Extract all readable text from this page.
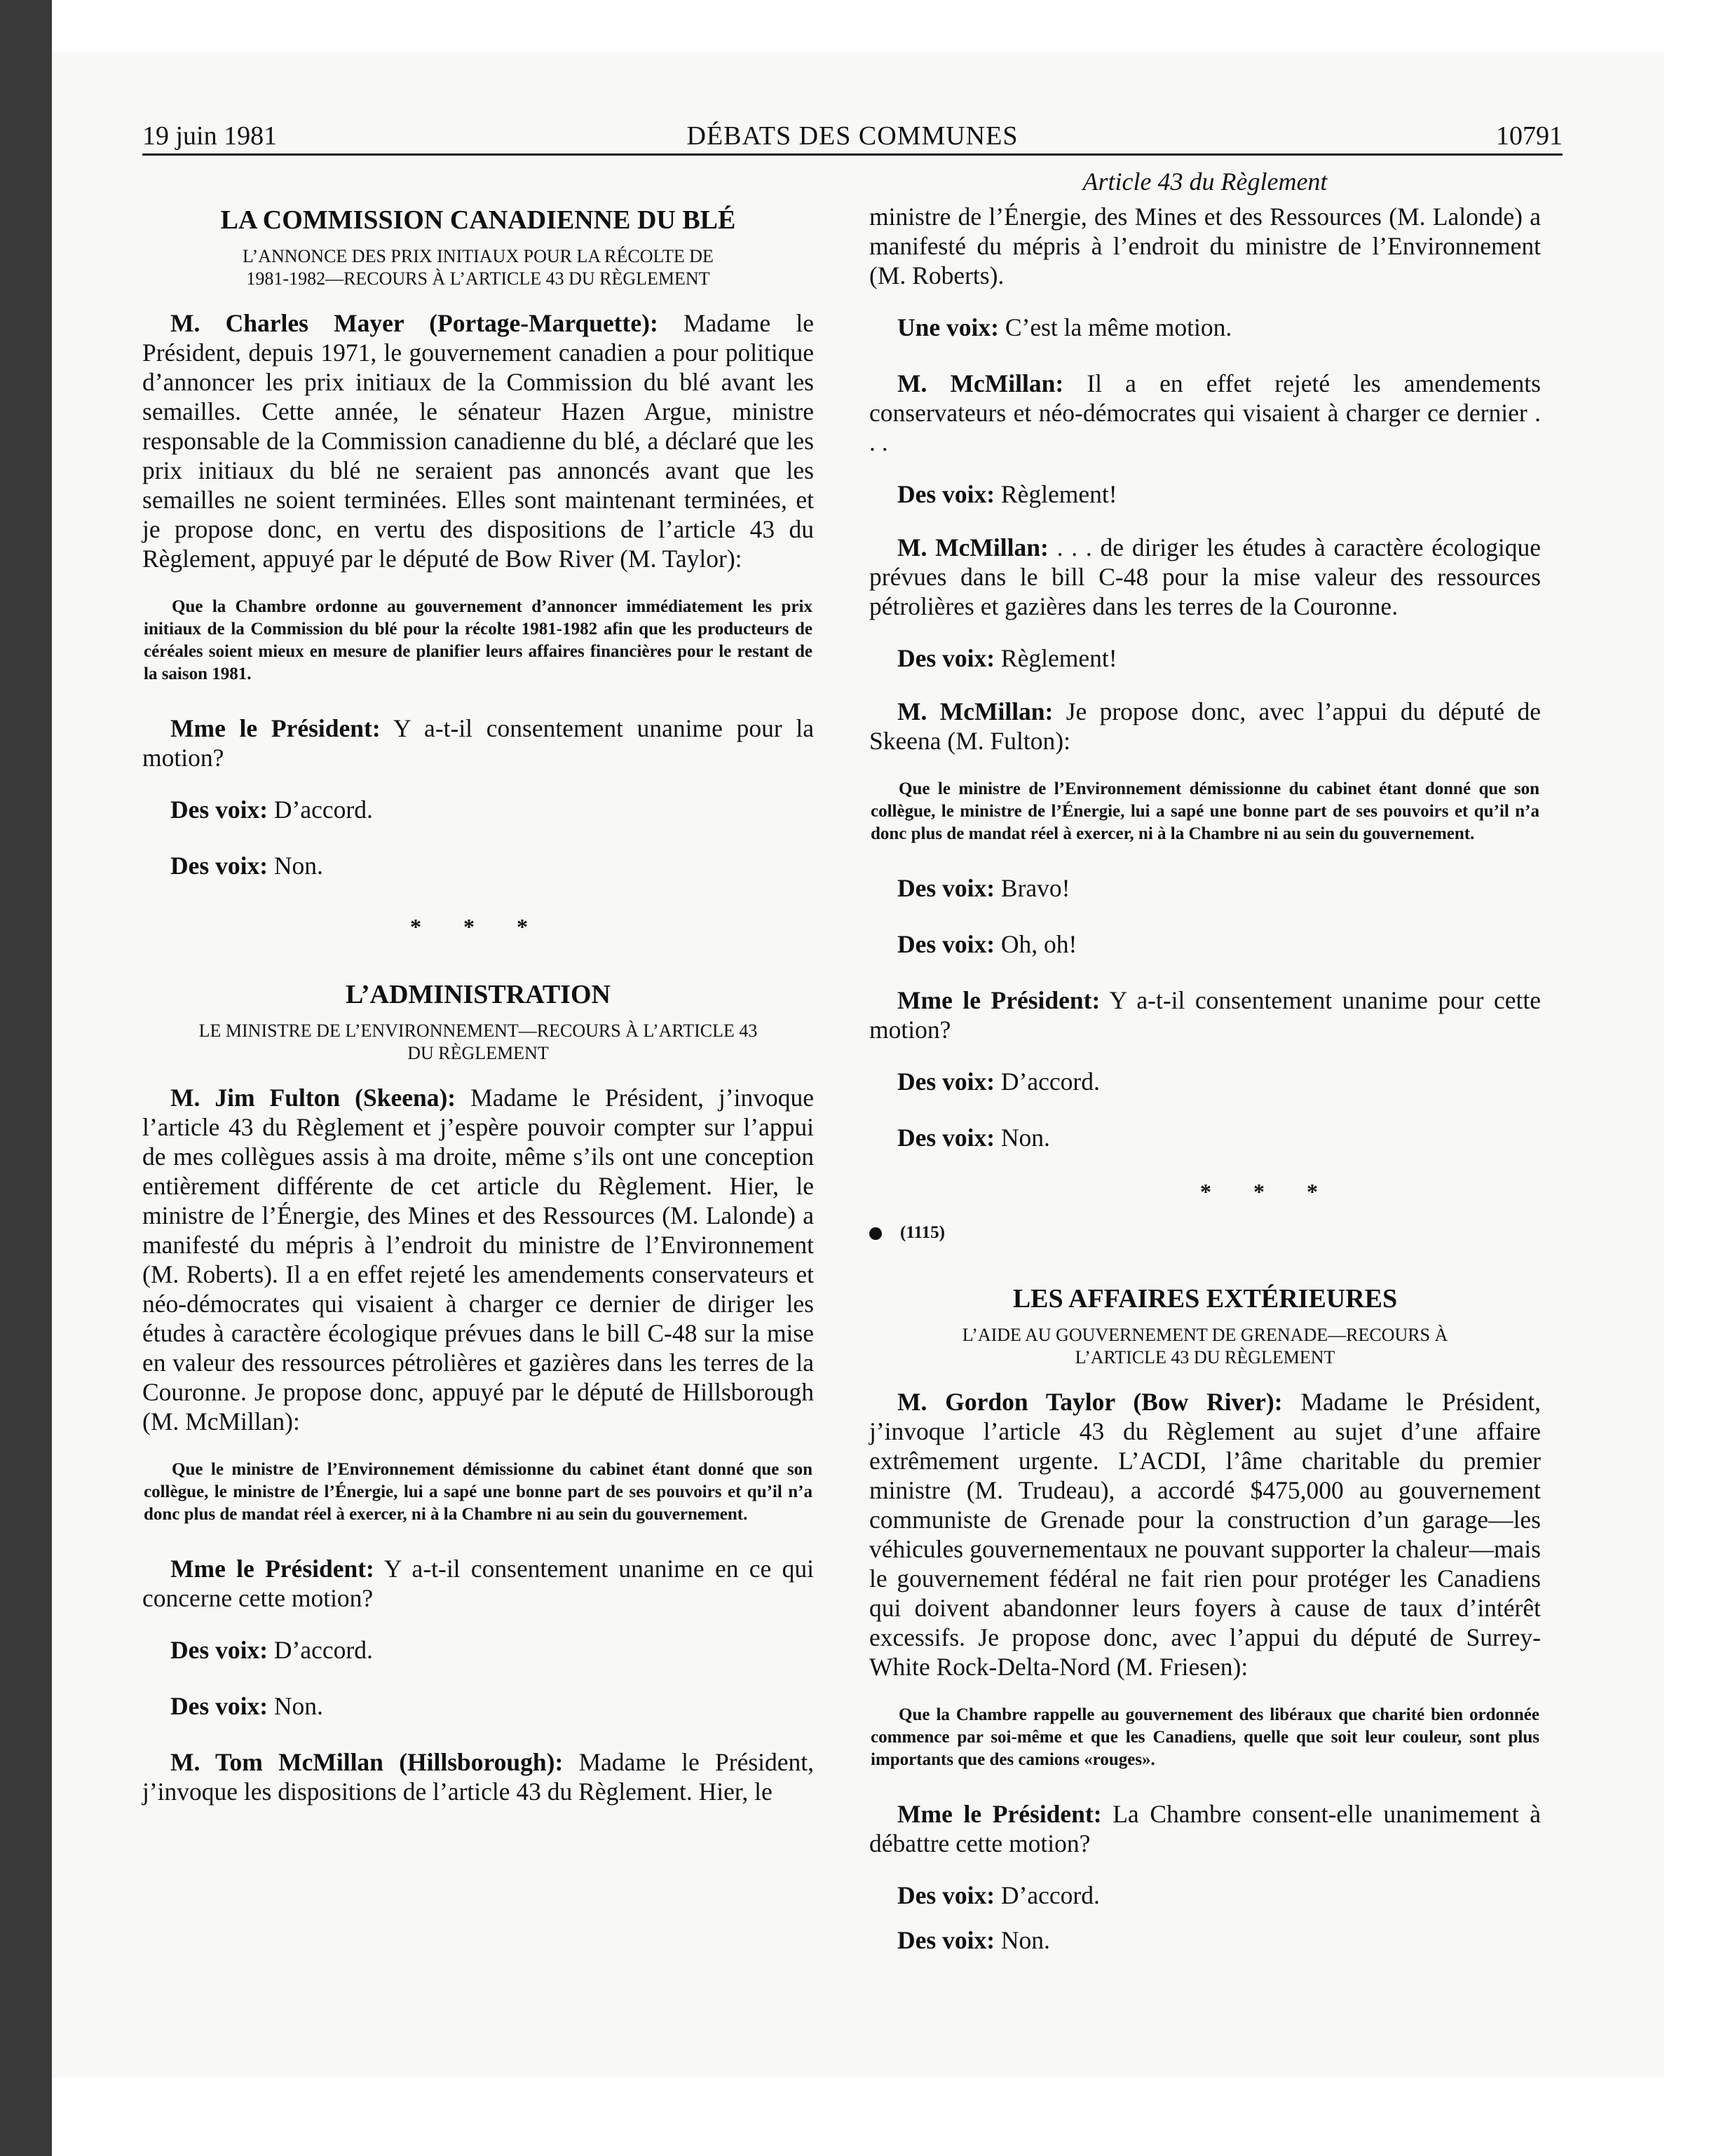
19 juin 1981	DÉBATS DES COMMUNES	10791
LA COMMISSION CANADIENNE DU BLÉ
L’ANNONCE DES PRIX INITIAUX POUR LA RÉCOLTE DE
1981-1982—RECOURS À L’ARTICLE 43 DU RÈGLEMENT

M. Charles Mayer (Portage-Marquette): Madame le Président, depuis 1971, le gouvernement canadien a pour politique d’annoncer les prix initiaux de la Commission du blé avant les semailles. Cette année, le sénateur Hazen Argue, ministre responsable de la Commission canadienne du blé, a déclaré que les prix initiaux du blé ne seraient pas annoncés avant que les semailles ne soient terminées. Elles sont maintenant terminées, et je propose donc, en vertu des dispositions de l’article 43 du Règlement, appuyé par le député de Bow River (M. Taylor):

Que la Chambre ordonne au gouvernement d’annoncer immédiatement les prix initiaux de la Commission du blé pour la récolte 1981-1982 afin que les producteurs de céréales soient mieux en mesure de planifier leurs affaires financières pour le restant de la saison 1981.

Mme le Président: Y a-t-il consentement unanime pour la motion?

Des voix: D’accord.

Des voix: Non.

* * *
L’ADMINISTRATION
LE MINISTRE DE L’ENVIRONNEMENT—RECOURS À L’ARTICLE 43
DU RÈGLEMENT

M. Jim Fulton (Skeena): Madame le Président, j’invoque l’article 43 du Règlement et j’espère pouvoir compter sur l’appui de mes collègues assis à ma droite, même s’ils ont une conception entièrement différente de cet article du Règlement. Hier, le ministre de l’Énergie, des Mines et des Ressources (M. Lalonde) a manifesté du mépris à l’endroit du ministre de l’Environnement (M. Roberts). Il a en effet rejeté les amendements conservateurs et néo-démocrates qui visaient à charger ce dernier de diriger les études à caractère écologique prévues dans le bill C-48 sur la mise en valeur des ressources pétrolières et gazières dans les terres de la Couronne. Je propose donc, appuyé par le député de Hillsborough (M. McMillan):

Que le ministre de l’Environnement démissionne du cabinet étant donné que son collègue, le ministre de l’Énergie, lui a sapé une bonne part de ses pouvoirs et qu’il n’a donc plus de mandat réel à exercer, ni à la Chambre ni au sein du gouvernement.

Mme le Président: Y a-t-il consentement unanime en ce qui concerne cette motion?

Des voix: D’accord.

Des voix: Non.

M. Tom McMillan (Hillsborough): Madame le Président, j’invoque les dispositions de l’article 43 du Règlement. Hier, le

Article 43 du Règlement

ministre de l’Énergie, des Mines et des Ressources (M. Lalonde) a manifesté du mépris à l’endroit du ministre de l’Environnement (M. Roberts).

Une voix: C’est la même motion.

M. McMillan: Il a en effet rejeté les amendements conservateurs et néo-démocrates qui visaient à charger ce dernier . . .

Des voix: Règlement!

M. McMillan: . . . de diriger les études à caractère écologique prévues dans le bill C-48 pour la mise valeur des ressources pétrolières et gazières dans les terres de la Couronne.

Des voix: Règlement!

M. McMillan: Je propose donc, avec l’appui du député de Skeena (M. Fulton):

Que le ministre de l’Environnement démissionne du cabinet étant donné que son collègue, le ministre de l’Énergie, lui a sapé une bonne part de ses pouvoirs et qu’il n’a donc plus de mandat réel à exercer, ni à la Chambre ni au sein du gouvernement.

Des voix: Bravo!

Des voix: Oh, oh!

Mme le Président: Y a-t-il consentement unanime pour cette motion?

Des voix: D’accord.

Des voix: Non.

* * *
(1115)
LES AFFAIRES EXTÉRIEURES
L’AIDE AU GOUVERNEMENT DE GRENADE—RECOURS À
L’ARTICLE 43 DU RÈGLEMENT

M. Gordon Taylor (Bow River): Madame le Président, j’invoque l’article 43 du Règlement au sujet d’une affaire extrêmement urgente. L’ACDI, l’âme charitable du premier ministre (M. Trudeau), a accordé $475,000 au gouvernement communiste de Grenade pour la construction d’un garage—les véhicules gouvernementaux ne pouvant supporter la chaleur—mais le gouvernement fédéral ne fait rien pour protéger les Canadiens qui doivent abandonner leurs foyers à cause de taux d’intérêt excessifs. Je propose donc, avec l’appui du député de Surrey-White Rock-Delta-Nord (M. Friesen):

Que la Chambre rappelle au gouvernement des libéraux que charité bien ordonnée commence par soi-même et que les Canadiens, quelle que soit leur couleur, sont plus importants que des camions «rouges».

Mme le Président: La Chambre consent-elle unanimement à débattre cette motion?

Des voix: D’accord.

Des voix: Non.
